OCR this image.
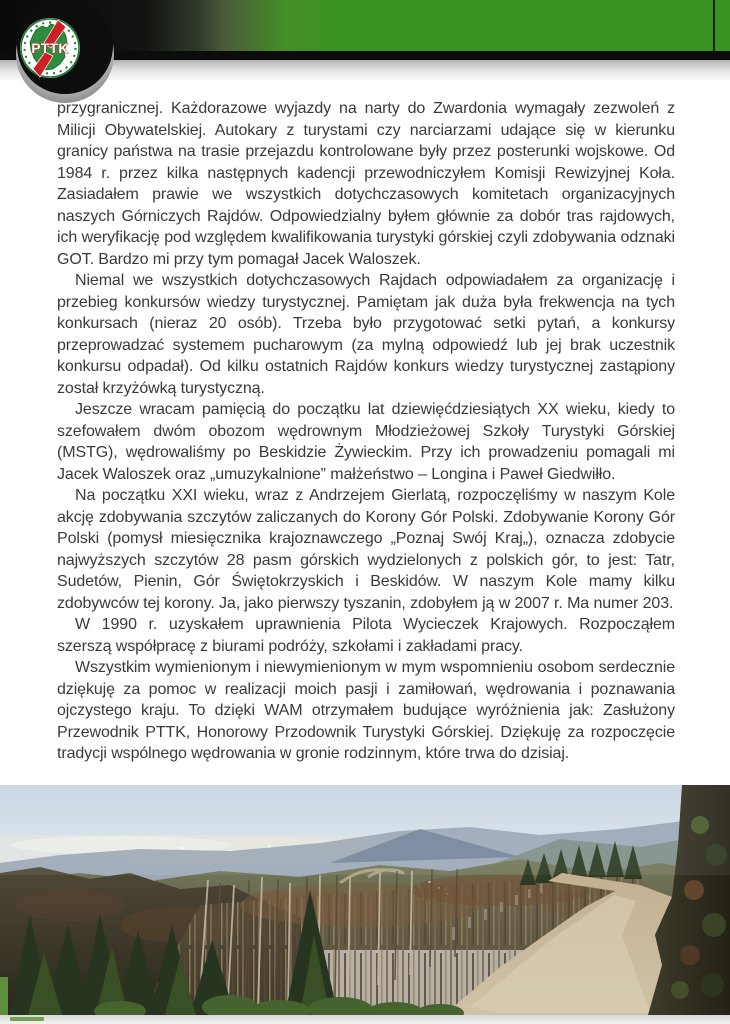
PTTK

przygranicznej. Każdorazowe wyjazdy na narty do Zwardonia wymagały zezwoleń z Milicji Obywatelskiej. Autokary z turystami czy narciarzami udające się w kierunku granicy państwa na trasie przejazdu kontrolowane były przez posterunki wojskowe. Od 1984 r. przez kilka następnych kadencji przewodniczyłem Komisji Rewizyjnej Koła. Zasiadałem prawie we wszystkich dotychczasowych komitetach organizacyjnych naszych Górniczych Rajdów. Odpowiedzialny byłem głównie za dobór tras rajdowych, ich weryfikację pod względem kwalifikowania turystyki górskiej czyli zdobywania odznaki GOT. Bardzo mi przy tym pomagał Jacek Waloszek.

Niemal we wszystkich dotychczasowych Rajdach odpowiadałem za organizację i przebieg konkursów wiedzy turystycznej. Pamiętam jak duża była frekwencja na tych konkursach (nieraz 20 osób). Trzeba było przygotować setki pytań, a konkursy przeprowadzać systemem pucharowym (za mylną odpowiedź lub jej brak uczestnik konkursu odpadał). Od kilku ostatnich Rajdów konkurs wiedzy turystycznej zastąpiony został krzyżówką turystyczną.

Jeszcze wracam pamięcią do początku lat dziewięćdziesiątych XX wieku, kiedy to szefowałem dwóm obozom wędrownym Młodzieżowej Szkoły Turystyki Górskiej (MSTG), wędrowaliśmy po Beskidzie Żywieckim. Przy ich prowadzeniu pomagali mi Jacek Waloszek oraz „umuzykalnione” małżeństwo – Longina i Paweł Giedwiłło.

Na początku XXI wieku, wraz z Andrzejem Gierlatą, rozpoczęliśmy w naszym Kole akcję zdobywania szczytów zaliczanych do Korony Gór Polski. Zdobywanie Korony Gór Polski (pomysł miesięcznika krajoznawczego „Poznaj Swój Kraj„), oznacza zdobycie najwyższych szczytów 28 pasm górskich wydzielonych z polskich gór, to jest: Tatr, Sudetów, Pienin, Gór Świętokrzyskich i Beskidów. W naszym Kole mamy kilku zdobywców tej korony. Ja, jako pierwszy tyszanin, zdobyłem ją w 2007 r. Ma numer 203.

W 1990 r. uzyskałem uprawnienia Pilota Wycieczek Krajowych. Rozpocząłem szerszą współpracę z biurami podróży, szkołami i zakładami pracy.

Wszystkim wymienionym i niewymienionym w mym wspomnieniu osobom serdecznie dziękuję za pomoc w realizacji moich pasji i zamiłowań, wędrowania i poznawania ojczystego kraju. To dzięki WAM otrzymałem budujące wyróżnienia jak: Zasłużony Przewodnik PTTK, Honorowy Przodownik Turystyki Górskiej. Dziękuję za rozpoczęcie tradycji wspólnego wędrowania w gronie rodzinnym, które trwa do dzisiaj.
